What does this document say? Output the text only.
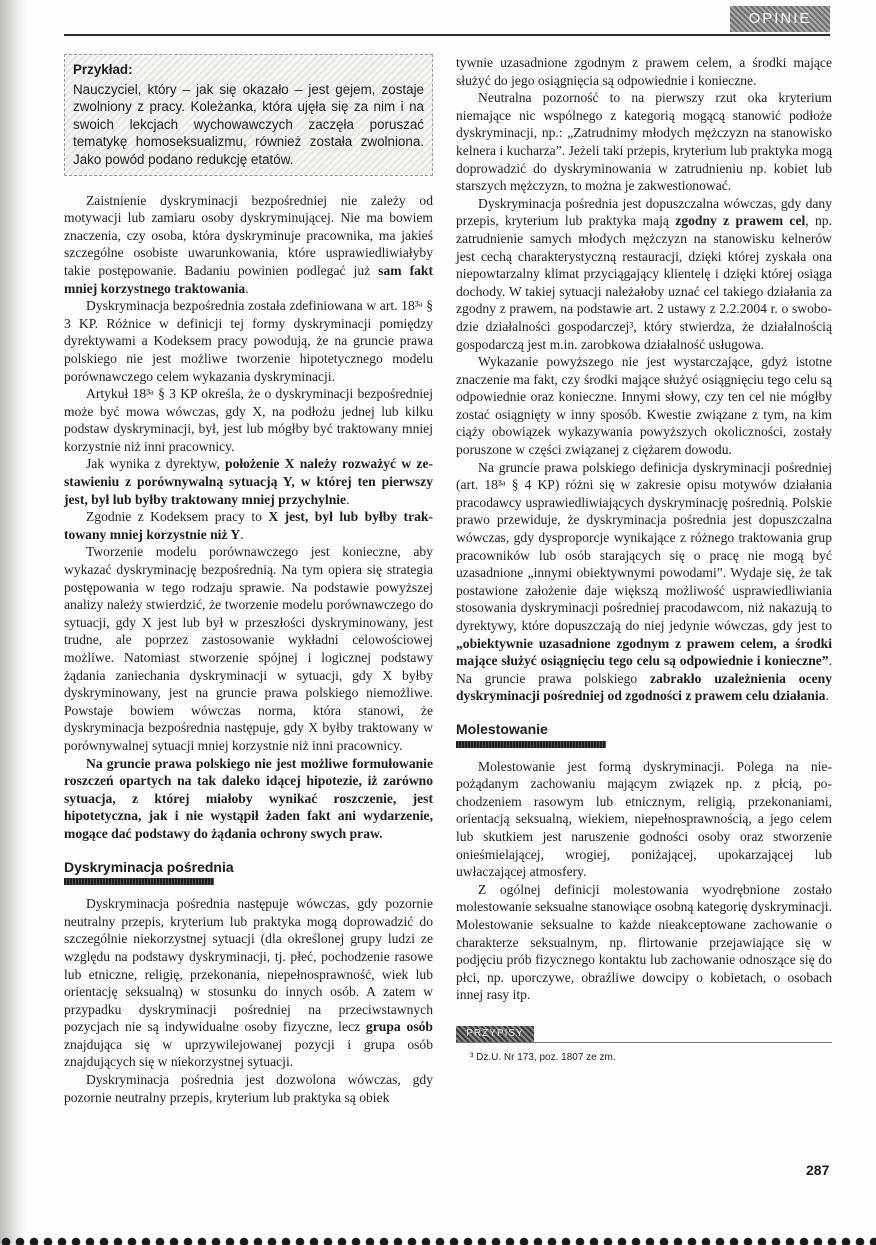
OPINIE
Przykład:

Nauczyciel, który – jak się okazało – jest gejem, zostaje zwolniony z pracy. Koleżanka, która ujęła się za nim i na swoich lekcjach wychowawczych zaczęła poruszać tematykę homoseksualizmu, również została zwolniona. Jako powód podano redukcję etatów.

Zaistnienie dyskryminacji bezpośredniej nie zależy od motywacji lub zamiaru osoby dyskryminującej. Nie ma bowiem znaczenia, czy osoba, która dyskryminuje pracownika, ma jakieś szczególne osobiste uwarunkowania, które usprawiedliwiałyby takie postępowanie. Badaniu powinien podlegać już sam fakt mniej korzystnego traktowania.

Dyskryminacja bezpośrednia została zdefiniowana w art. 18³ᵃ § 3 KP. Różnice w definicji tej formy dyskryminacji pomiędzy dyrektywami a Kodeksem pracy powodują, że na gruncie prawa polskiego nie jest możliwe tworzenie hipotetycznego modelu porównawczego celem wykazania dyskryminacji.

Artykuł 18³ᵃ § 3 KP określa, że o dyskryminacji bezpośredniej może być mowa wówczas, gdy X, na podłożu jednej lub kilku podstaw dyskryminacji, był, jest lub mógłby być traktowany mniej korzystnie niż inni pracownicy.

Jak wynika z dyrektyw, położenie X należy rozważyć w zestawieniu z porównywalną sytuacją Y, w której ten pierwszy jest, był lub byłby traktowany mniej przychylnie.

Zgodnie z Kodeksem pracy to X jest, był lub byłby traktowany mniej korzystnie niż Y.

Tworzenie modelu porównawczego jest konieczne, aby wykazać dyskryminację bezpośrednią. Na tym opiera się strategia postępowania w tego rodzaju sprawie. Na podstawie powyższej analizy należy stwierdzić, że tworzenie modelu porównawczego do sytuacji, gdy X jest lub był w przeszłości dyskryminowany, jest trudne, ale poprzez zastosowanie wykładni celowościowej możliwe. Natomiast stworzenie spójnej i logicznej podstawy żądania zaniechania dyskryminacji w sytuacji, gdy X byłby dyskryminowany, jest na gruncie prawa polskiego niemożliwe. Powstaje bowiem wówczas norma, która stanowi, że dyskryminacja bezpośrednia następuje, gdy X byłby traktowany w porównywalnej sytuacji mniej korzystnie niż inni pracownicy.

Na gruncie prawa polskiego nie jest możliwe formułowanie roszczeń opartych na tak daleko idącej hipotezie, iż zarówno sytuacja, z której miałoby wynikać roszczenie, jest hipotetyczna, jak i nie wystąpił żaden fakt ani wydarzenie, mogące dać podstawy do żądania ochrony swych praw.

Dyskryminacja pośrednia

Dyskryminacja pośrednia następuje wówczas, gdy pozornie neutralny przepis, kryterium lub praktyka mogą doprowadzić do szczególnie niekorzystnej sytuacji (dla określonej grupy ludzi ze względu na podstawy dyskryminacji, tj. płeć, pochodzenie rasowe lub etniczne, religię, przekonania, niepełnosprawność, wiek lub orientację seksualną) w stosunku do innych osób. A zatem w przypadku dyskryminacji pośredniej na przeciwstawnych pozycjach nie są indywidualne osoby fizyczne, lecz grupa osób znajdująca się w uprzywilejowanej pozycji i grupa osób znajdujących się w niekorzystnej sytuacji.

Dyskryminacja pośrednia jest dozwolona wówczas, gdy pozornie neutralny przepis, kryterium lub praktyka są obiek

tywnie uzasadnione zgodnym z prawem celem, a środki mające służyć do jego osiągnięcia są odpowiednie i konieczne.

Neutralna pozorność to na pierwszy rzut oka kryterium niemające nic wspólnego z kategorią mogącą stanowić podłoże dyskryminacji, np.: „Zatrudnimy młodych mężczyzn na stanowisko kelnera i kucharza”. Jeżeli taki przepis, kryterium lub praktyka mogą doprowadzić do dyskryminowania w zatrudnieniu np. kobiet lub starszych mężczyzn, to można je zakwestionować.

Dyskryminacja pośrednia jest dopuszczalna wówczas, gdy dany przepis, kryterium lub praktyka mają zgodny z prawem cel, np. zatrudnienie samych młodych mężczyzn na stanowisku kelnerów jest cechą charakterystyczną restauracji, dzięki której zyskała ona niepowtarzalny klimat przyciągający klientelę i dzięki której osiąga dochody. W takiej sytuacji należałoby uznać cel takiego działania za zgodny z prawem, na podstawie art. 2 ustawy z 2.2.2004 r. o swobodzie działalności gospodarczej³, który stwierdza, że działalnością gospodarczą jest m.in. zarobkowa działalność usługowa.

Wykazanie powyższego nie jest wystarczające, gdyż istotne znaczenie ma fakt, czy środki mające służyć osiągnięciu tego celu są odpowiednie oraz konieczne. Innymi słowy, czy ten cel nie mógłby zostać osiągnięty w inny sposób. Kwestie związane z tym, na kim ciąży obowiązek wykazywania powyższych okoliczności, zostały poruszone w części związanej z ciężarem dowodu.

Na gruncie prawa polskiego definicja dyskryminacji pośredniej (art. 18³ᵃ § 4 KP) różni się w zakresie opisu motywów działania pracodawcy usprawiedliwiających dyskryminację pośrednią. Polskie prawo przewiduje, że dyskryminacja pośrednia jest dopuszczalna wówczas, gdy dysproporcje wynikające z różnego traktowania grup pracowników lub osób starających się o pracę nie mogą być uzasadnione „innymi obiektywnymi powodami”. Wydaje się, że tak postawione założenie daje większą możliwość usprawiedliwiania stosowania dyskryminacji pośredniej pracodawcom, niż nakazują to dyrektywy, które dopuszczają do niej jedynie wówczas, gdy jest to „obiektywnie uzasadnione zgodnym z prawem celem, a środki mające służyć osiągnięciu tego celu są odpowiednie i konieczne”. Na gruncie prawa polskiego zabrakło uzależnienia oceny dyskryminacji pośredniej od zgodności z prawem celu działania.

Molestowanie

Molestowanie jest formą dyskryminacji. Polega na niepożądanym zachowaniu mającym związek np. z płcią, pochodzeniem rasowym lub etnicznym, religią, przekonaniami, orientacją seksualną, wiekiem, niepełnosprawnością, a jego celem lub skutkiem jest naruszenie godności osoby oraz stworzenie onieśmielającej, wrogiej, poniżającej, upokarzającej lub uwłaczającej atmosfery.

Z ogólnej definicji molestowania wyodrębnione zostało molestowanie seksualne stanowiące osobną kategorię dyskryminacji. Molestowanie seksualne to każde nieakceptowane zachowanie o charakterze seksualnym, np. flirtowanie przejawiające się w podjęciu prób fizycznego kontaktu lub zachowanie odnoszące się do płci, np. uporczywe, obraźliwe dowcipy o kobietach, o osobach innej rasy itp.

PRZYPISY
³ Dz.U. Nr 173, poz. 1807 ze zm.
287
